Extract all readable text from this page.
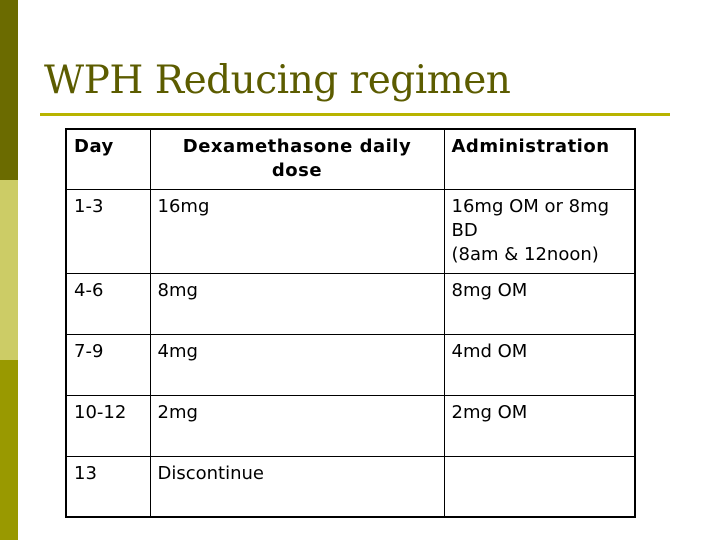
WPH Reducing regimen
Day	Dexamethasone daily dose	Administration
1-3	16mg	16mg OM or 8mg BD
(8am & 12noon)

4-6	8mg	8mg OM
7-9	4mg	4md OM
10-12	2mg	2mg OM
13	Discontinue	
